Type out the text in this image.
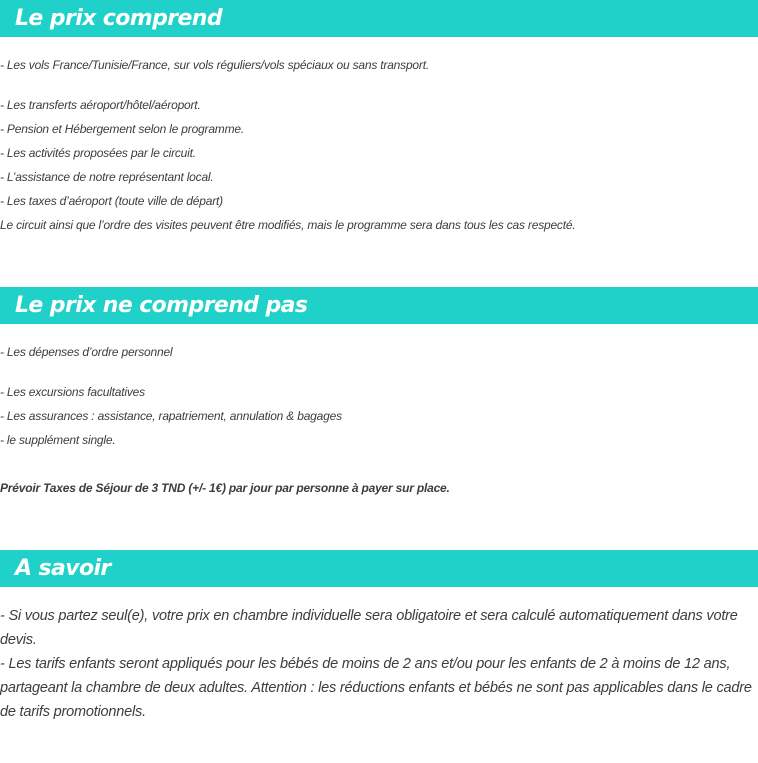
Le prix comprend

- Les vols France/Tunisie/France, sur vols réguliers/vols spéciaux ou sans transport.

- Les transferts aéroport/hôtel/aéroport.

- Pension et Hébergement selon le programme.

- Les activités proposées par le circuit.

- L’assistance de notre représentant local.

- Les taxes d’aéroport (toute ville de départ)

Le circuit ainsi que l’ordre des visites peuvent être modifiés, mais le programme sera dans tous les cas respecté.

Le prix ne comprend pas

- Les dépenses d’ordre personnel

- Les excursions facultatives

- Les assurances : assistance, rapatriement, annulation & bagages

- le supplément single.

Prévoir Taxes de Séjour de 3 TND (+/- 1€) par jour par personne à payer sur place.

A savoir

- Si vous partez seul(e), votre prix en chambre individuelle sera obligatoire et sera calculé automatiquement dans votre devis.

- Les tarifs enfants seront appliqués pour les bébés de moins de 2 ans et/ou pour les enfants de 2 à moins de 12 ans, partageant la chambre de deux adultes. Attention : les réductions enfants et bébés ne sont pas applicables dans le cadre de tarifs promotionnels.
